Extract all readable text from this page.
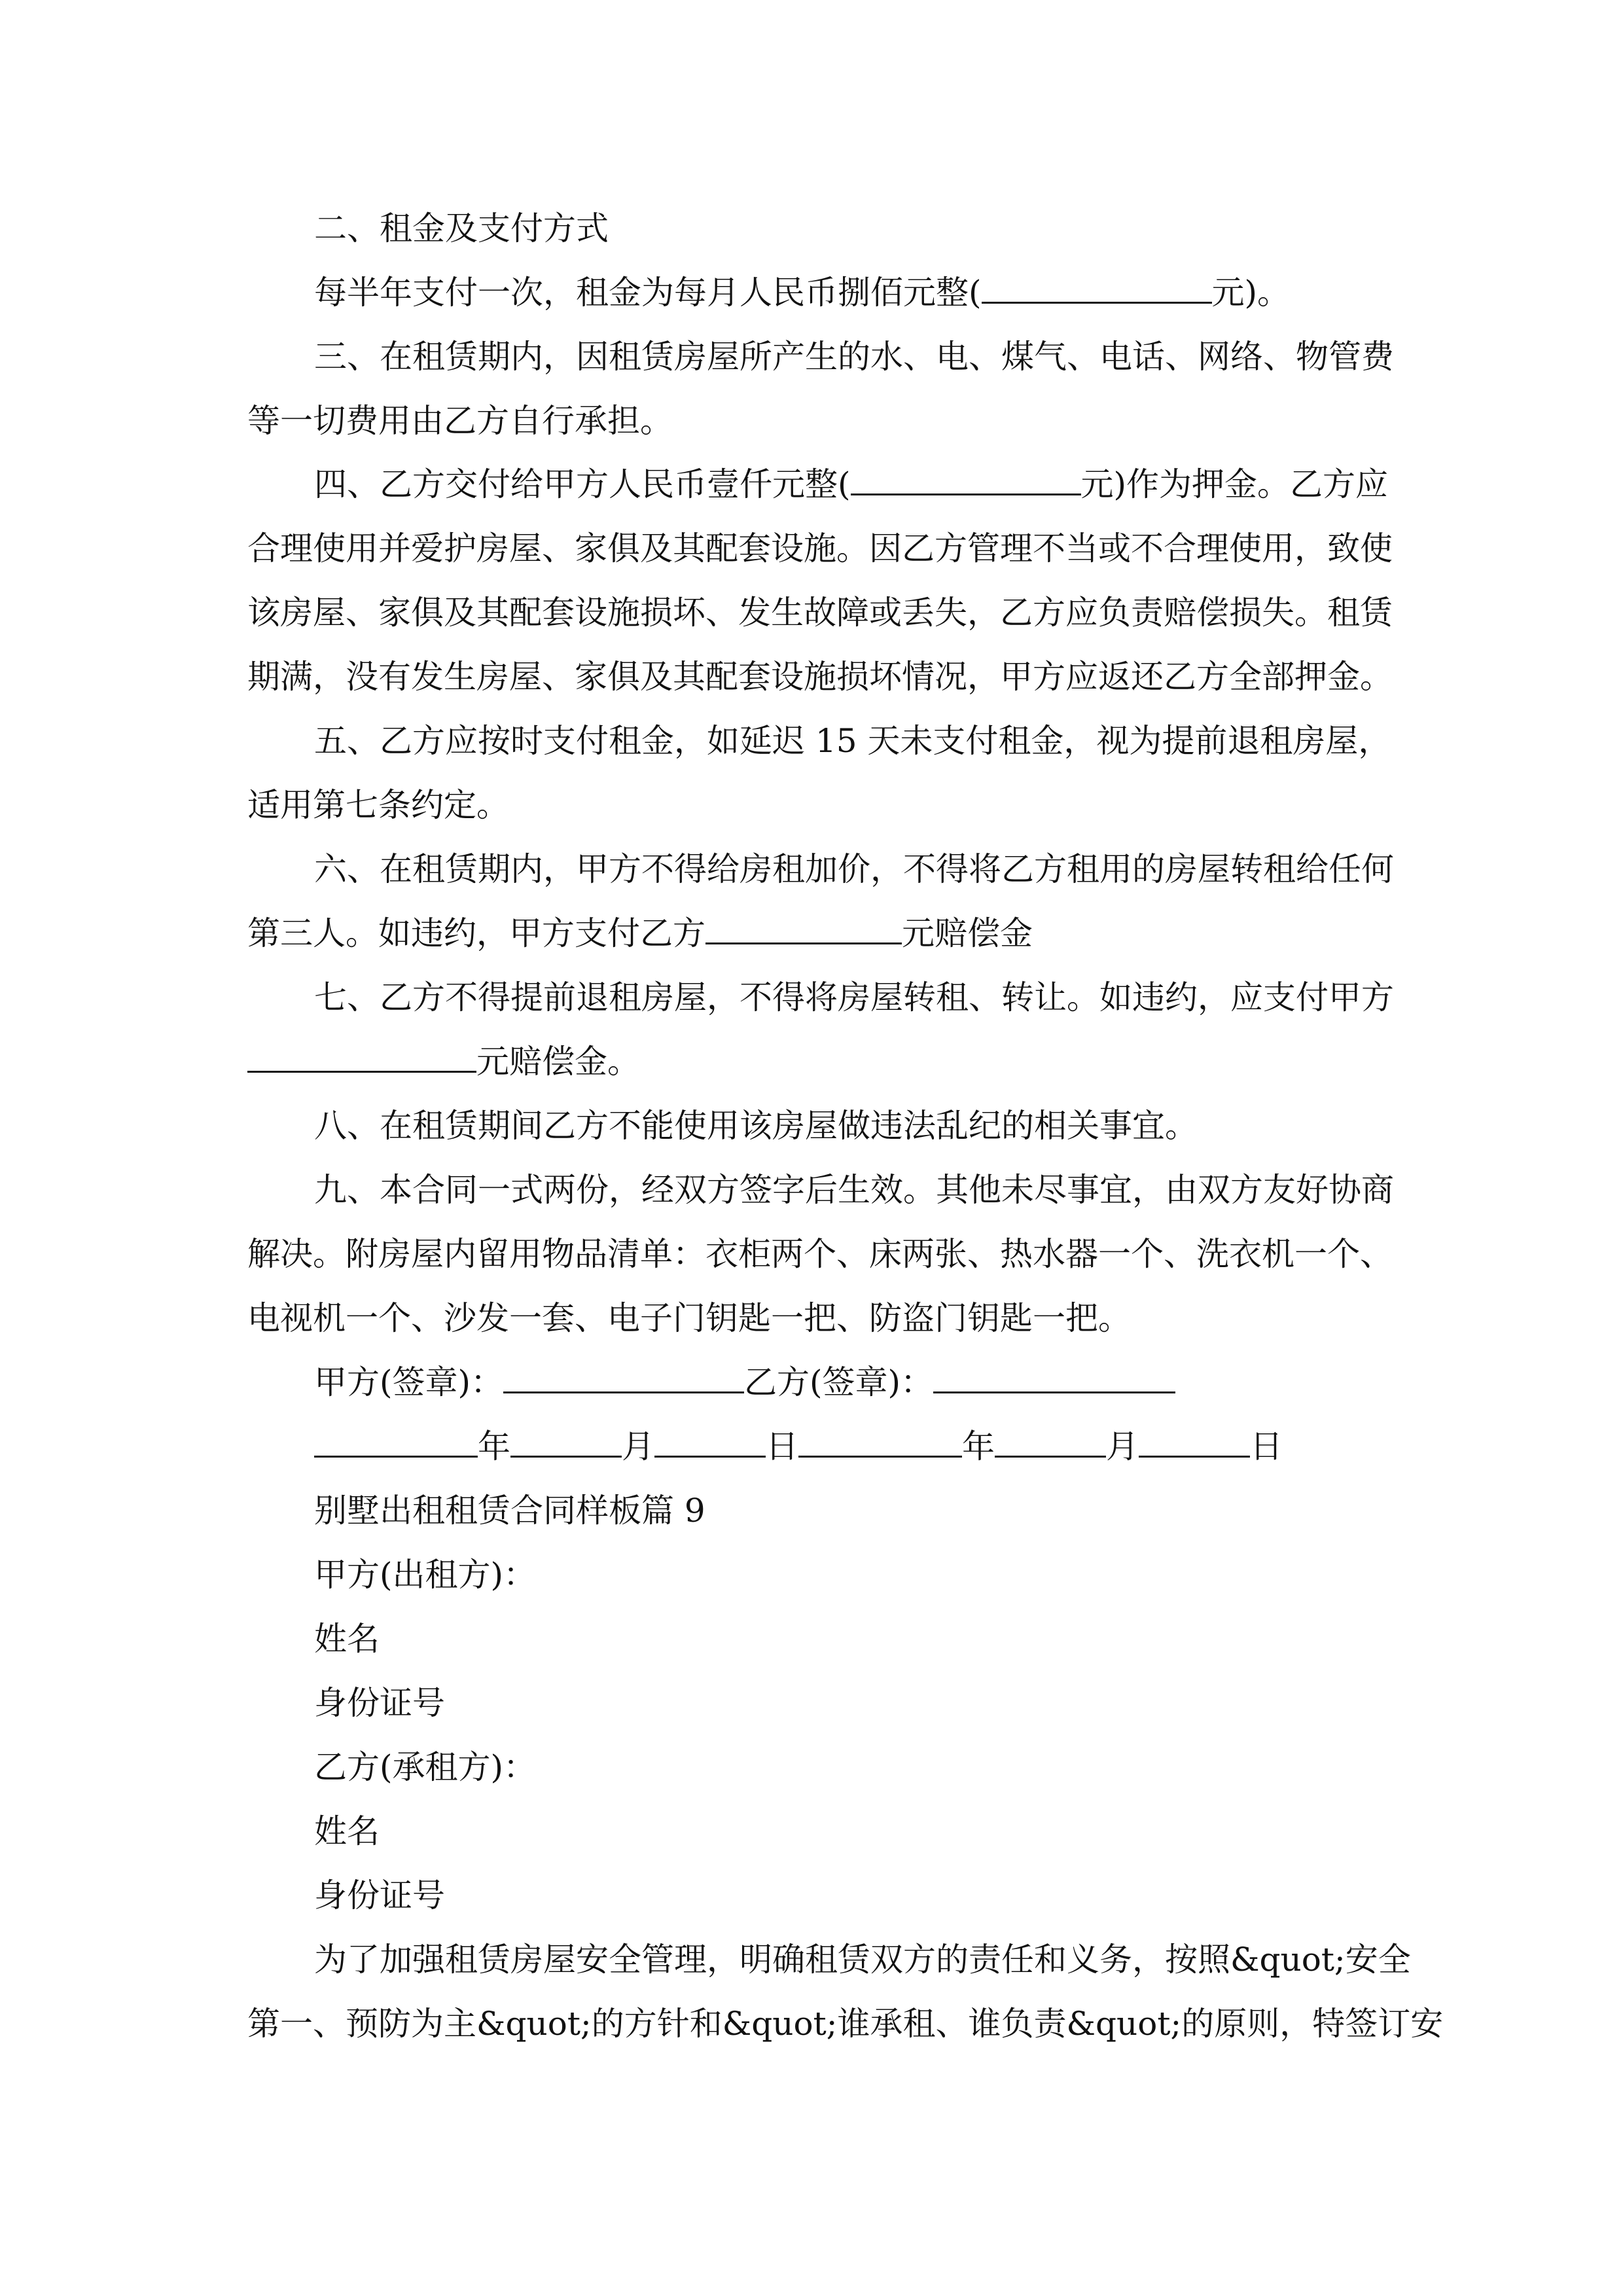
二、租金及支付方式

每半年支付一次，租金为每月人民币捌佰元整(	元)。

三、在租赁期内，因租赁房屋所产生的水、电、煤气、电话、网络、物管费

等一切费用由乙方自行承担。

四、乙方交付给甲方人民币壹仟元整(	元)作为押金。乙方应

合理使用并爱护房屋、家俱及其配套设施。因乙方管理不当或不合理使用，致使

该房屋、家俱及其配套设施损坏、发生故障或丢失，乙方应负责赔偿损失。租赁

期满，没有发生房屋、家俱及其配套设施损坏情况，甲方应返还乙方全部押金。

五、乙方应按时支付租金，如延迟 15 天未支付租金，视为提前退租房屋，

适用第七条约定。

六、在租赁期内，甲方不得给房租加价，不得将乙方租用的房屋转租给任何

第三人。如违约，甲方支付乙方	元赔偿金

七、乙方不得提前退租房屋，不得将房屋转租、转让。如违约，应支付甲方

元赔偿金。

八、在租赁期间乙方不能使用该房屋做违法乱纪的相关事宜。

九、本合同一式两份，经双方签字后生效。其他未尽事宜，由双方友好协商

解决。附房屋内留用物品清单：衣柜两个、床两张、热水器一个、洗衣机一个、

电视机一个、沙发一套、电子门钥匙一把、防盗门钥匙一把。

甲方(签章)：	乙方(签章)：

年	月	日	年	月	日

别墅出租租赁合同样板篇 9

甲方(出租方)：

姓名

身份证号

乙方(承租方)：

姓名

身份证号

为了加强租赁房屋安全管理，明确租赁双方的责任和义务，按照&quot;安全

第一、预防为主&quot;的方针和&quot;谁承租、谁负责&quot;的原则，特签订安
